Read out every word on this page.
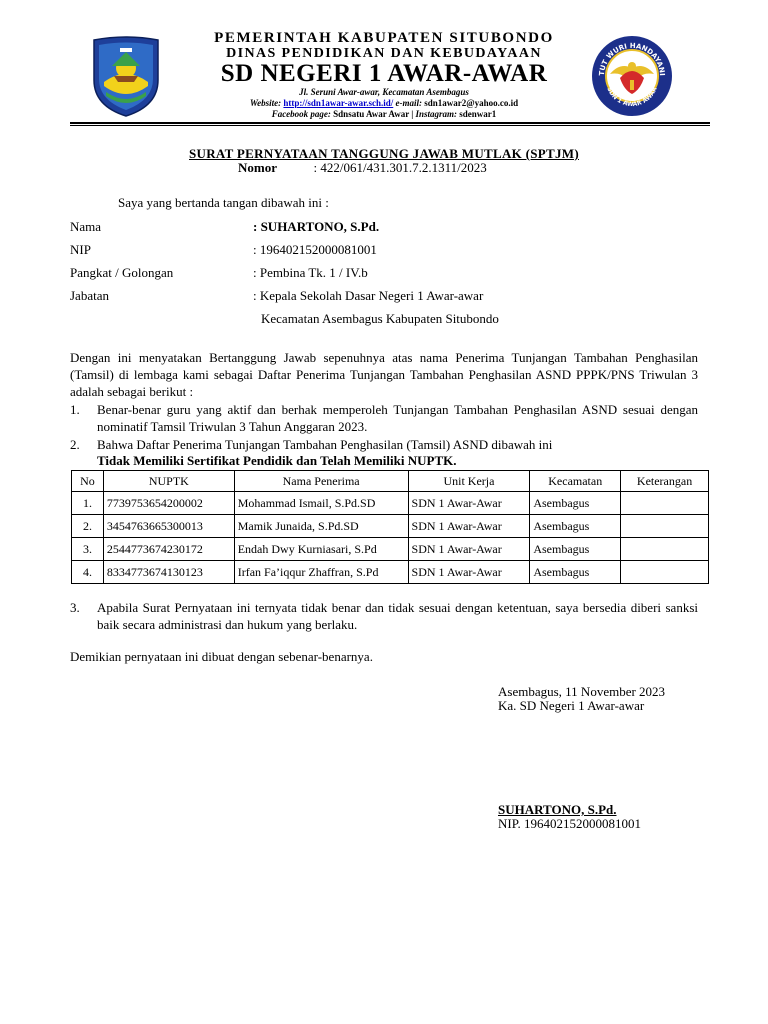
TUT WURI HANDAYANI
SDN 1 AWAR AWAR
PEMERINTAH KABUPATEN SITUBONDO
DINAS PENDIDIKAN DAN KEBUDAYAAN
SD NEGERI 1 AWAR-AWAR
Jl. Seruni Awar-awar, Kecamatan Asembagus
Website: http://sdn1awar-awar.sch.id/ e-mail: sdn1awar2@yahoo.co.id
Facebook page: Sdnsatu Awar Awar | Instagram: sdenwar1
SURAT PERNYATAAN TANGGUNG JAWAB MUTLAK (SPTJM)
Nomor	: 422/061/431.301.7.2.1311/2023
Saya yang bertanda tangan dibawah ini :
Nama	: SUHARTONO, S.Pd.
NIP	: 196402152000081001
Pangkat / Golongan	: Pembina Tk. 1 / IV.b
Jabatan	: Kepala Sekolah Dasar Negeri 1 Awar-awar
Kecamatan Asembagus Kabupaten Situbondo
Dengan ini menyatakan Bertanggung Jawab sepenuhnya atas nama Penerima Tunjangan Tambahan Penghasilan (Tamsil) di lembaga kami sebagai Daftar Penerima Tunjangan Tambahan Penghasilan ASND PPPK/PNS Triwulan 3 adalah sebagai berikut :
1. Benar-benar guru yang aktif dan berhak memperoleh Tunjangan Tambahan Penghasilan ASND sesuai dengan nominatif Tamsil Triwulan 3 Tahun Anggaran 2023.
2. Bahwa Daftar Penerima Tunjangan Tambahan Penghasilan (Tamsil) ASND dibawah ini
Tidak Memiliki Sertifikat Pendidik dan Telah Memiliki NUPTK.
No	NUPTK	Nama Penerima	Unit Kerja	Kecamatan	Keterangan
1.	7739753654200002	Mohammad Ismail, S.Pd.SD	SDN 1 Awar-Awar	Asembagus	
2.	3454763665300013	Mamik Junaida, S.Pd.SD	SDN 1 Awar-Awar	Asembagus	
3.	2544773674230172	Endah Dwy Kurniasari, S.Pd	SDN 1 Awar-Awar	Asembagus	
4.	8334773674130123	Irfan Fa’iqqur Zhaffran, S.Pd	SDN 1 Awar-Awar	Asembagus	
3. Apabila Surat Pernyataan ini ternyata tidak benar dan tidak sesuai dengan ketentuan, saya bersedia diberi sanksi baik secara administrasi dan hukum yang berlaku.
Demikian pernyataan ini dibuat dengan sebenar-benarnya.
Asembagus, 11 November 2023
Ka. SD Negeri 1 Awar-awar
SUHARTONO, S.Pd.
NIP. 196402152000081001
